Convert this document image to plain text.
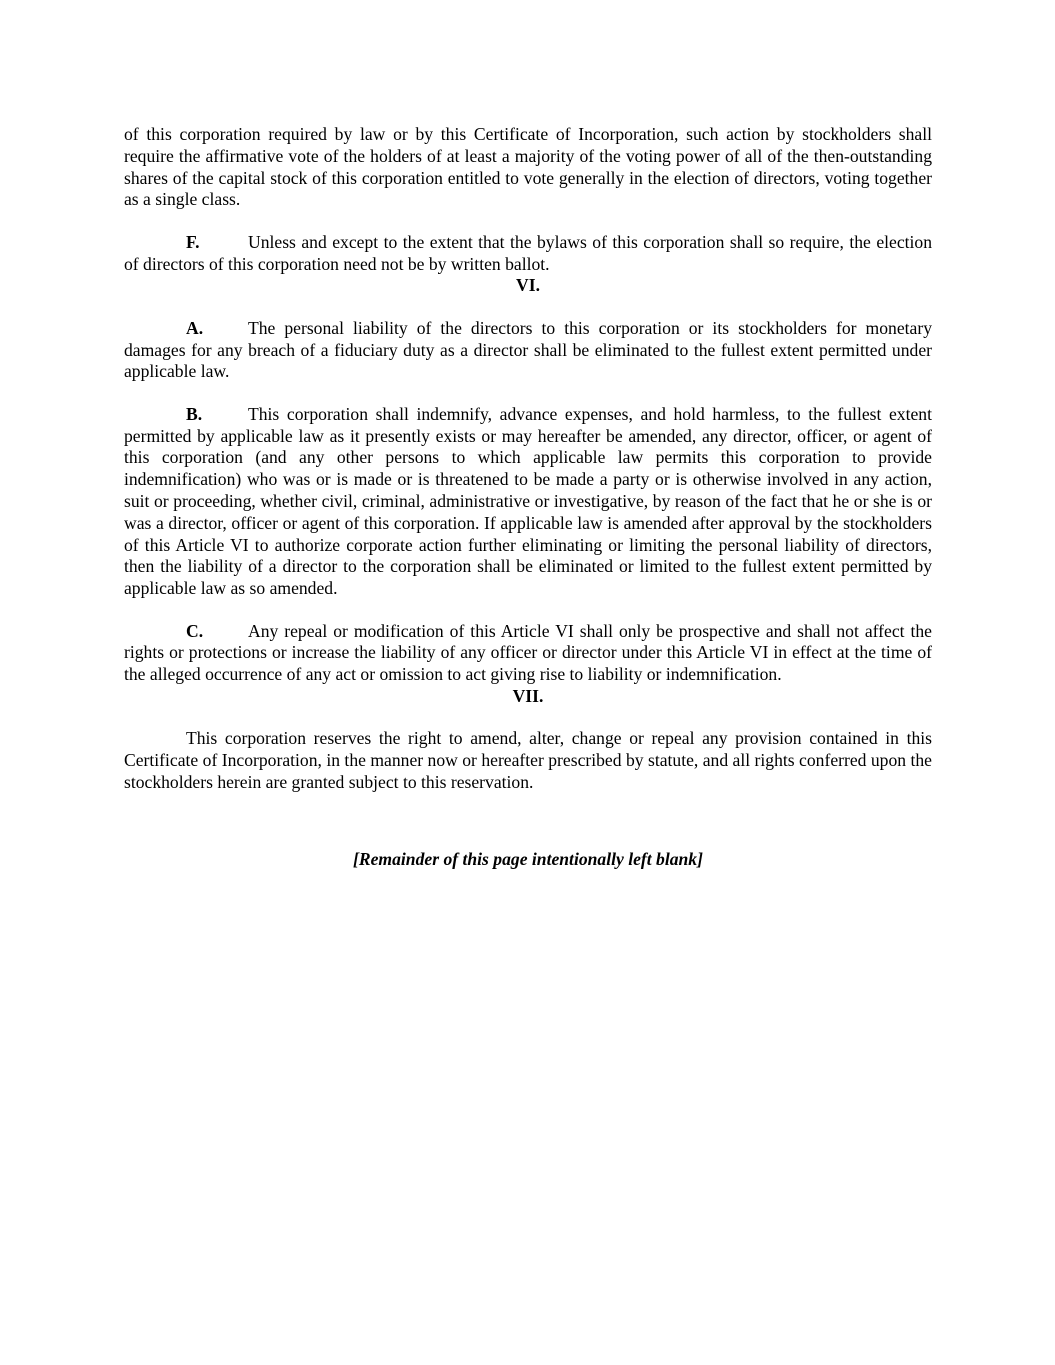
of this corporation required by law or by this Certificate of Incorporation, such action by stockholders shall require the affirmative vote of the holders of at least a majority of the voting power of all of the then-outstanding shares of the capital stock of this corporation entitled to vote generally in the election of directors, voting together as a single class.

F.	Unless and except to the extent that the bylaws of this corporation shall so require, the election of directors of this corporation need not be by written ballot.

VI.

A.	The personal liability of the directors to this corporation or its stockholders for monetary damages for any breach of a fiduciary duty as a director shall be eliminated to the fullest extent permitted under applicable law.

B.	This corporation shall indemnify, advance expenses, and hold harmless, to the fullest extent permitted by applicable law as it presently exists or may hereafter be amended, any director, officer, or agent of this corporation (and any other persons to which applicable law permits this corporation to provide indemnification) who was or is made or is threatened to be made a party or is otherwise involved in any action, suit or proceeding, whether civil, criminal, administrative or investigative, by reason of the fact that he or she is or was a director, officer or agent of this corporation. If applicable law is amended after approval by the stockholders of this Article VI to authorize corporate action further eliminating or limiting the personal liability of directors, then the liability of a director to the corporation shall be eliminated or limited to the fullest extent permitted by applicable law as so amended.

C.	Any repeal or modification of this Article VI shall only be prospective and shall not affect the rights or protections or increase the liability of any officer or director under this Article VI in effect at the time of the alleged occurrence of any act or omission to act giving rise to liability or indemnification.

VII.

This corporation reserves the right to amend, alter, change or repeal any provision contained in this Certificate of Incorporation, in the manner now or hereafter prescribed by statute, and all rights conferred upon the stockholders herein are granted subject to this reservation.

[Remainder of this page intentionally left blank]
